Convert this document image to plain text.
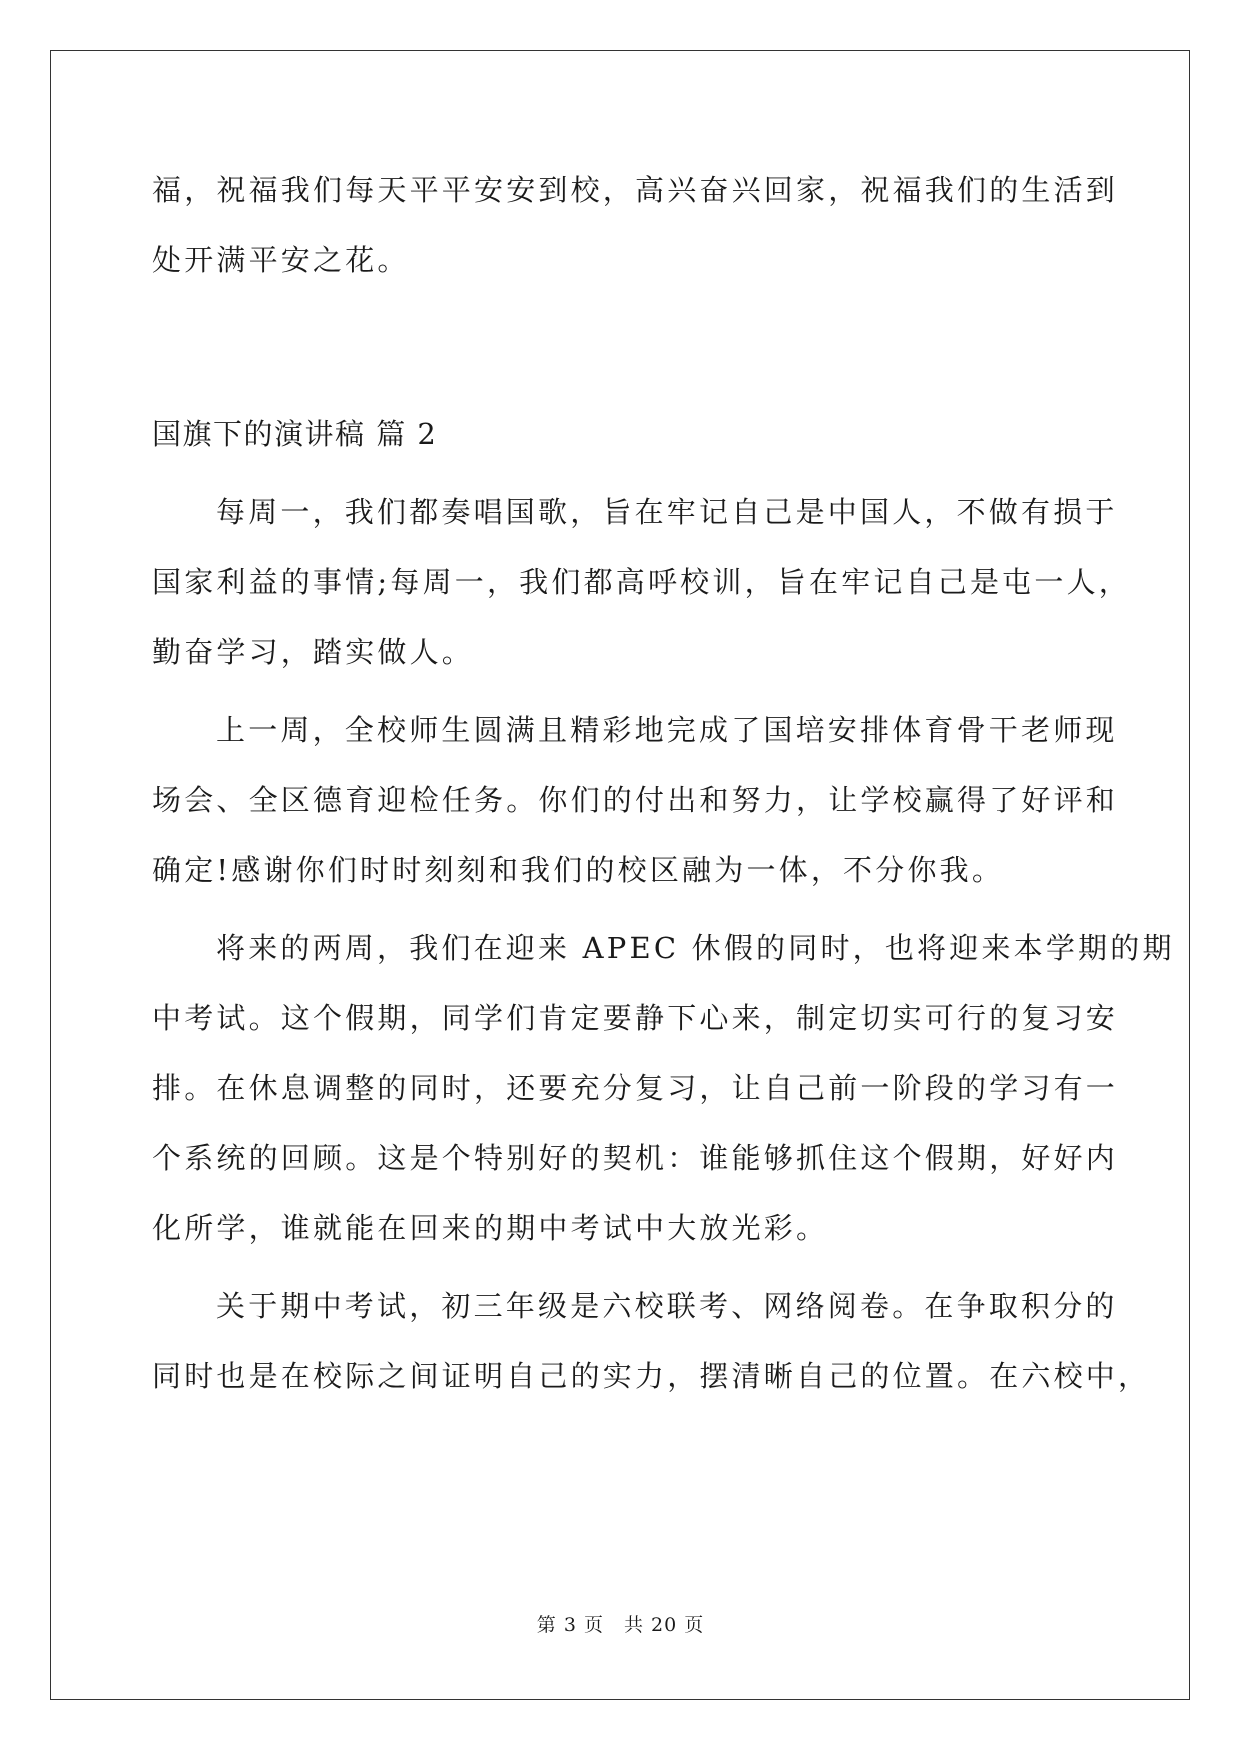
福，祝福我们每天平平安安到校，高兴奋兴回家，祝福我们的生活到

处开满平安之花。

国旗下的演讲稿 篇 2

每周一，我们都奏唱国歌，旨在牢记自己是中国人，不做有损于

国家利益的事情;每周一，我们都高呼校训，旨在牢记自己是屯一人，

勤奋学习，踏实做人。

上一周，全校师生圆满且精彩地完成了国培安排体育骨干老师现

场会、全区德育迎检任务。你们的付出和努力，让学校赢得了好评和

确定!感谢你们时时刻刻和我们的校区融为一体，不分你我。

将来的两周，我们在迎来 APEC 休假的同时，也将迎来本学期的期

中考试。这个假期，同学们肯定要静下心来，制定切实可行的复习安

排。在休息调整的同时，还要充分复习，让自己前一阶段的学习有一

个系统的回顾。这是个特别好的契机：谁能够抓住这个假期，好好内

化所学，谁就能在回来的期中考试中大放光彩。

关于期中考试，初三年级是六校联考、网络阅卷。在争取积分的

同时也是在校际之间证明自己的实力，摆清晰自己的位置。在六校中，

第 3 页　共 20 页
